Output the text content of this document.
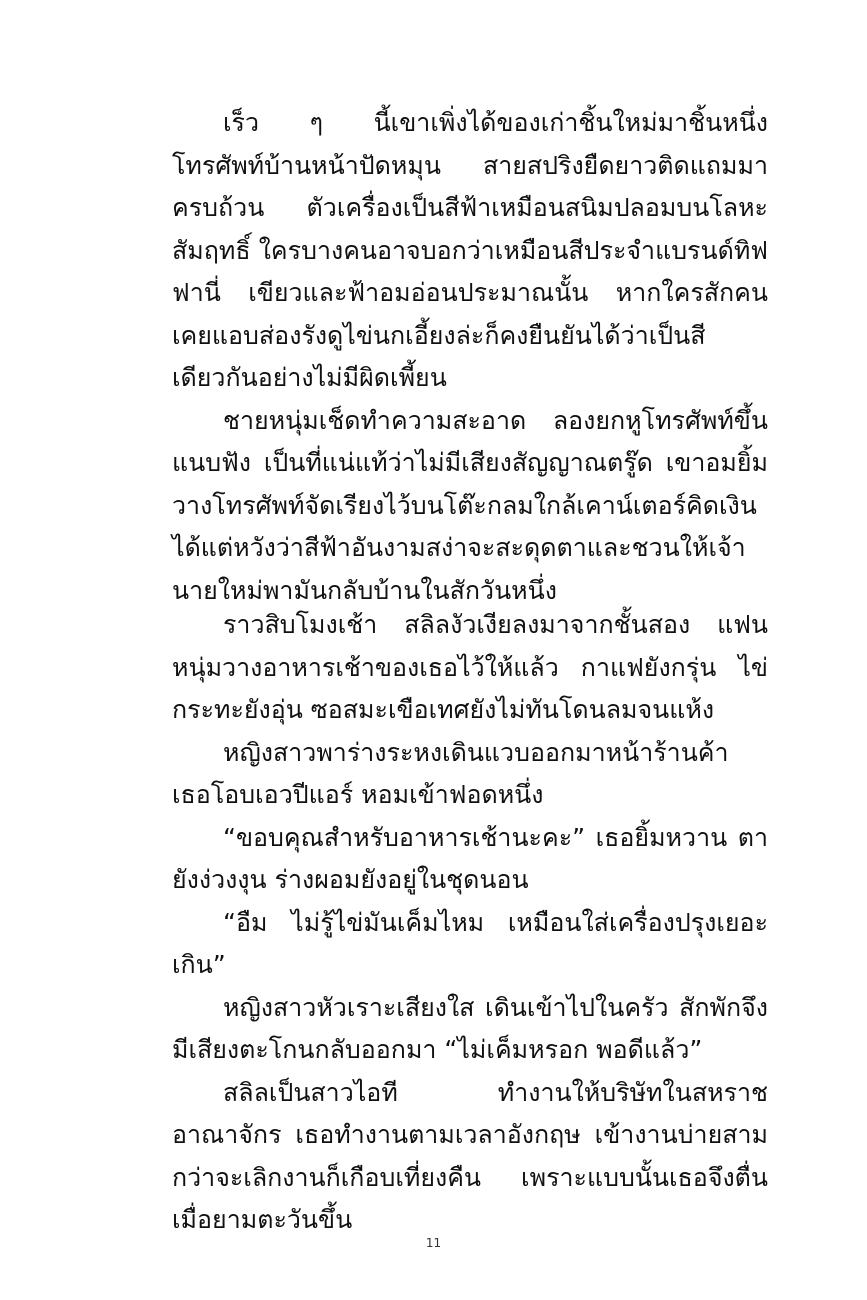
เร็ว ๆ นี้เขาเพิ่งได้ของเก่าชิ้นใหม่มาชิ้นหนึ่ง โทรศัพท์บ้านหน้าปัดหมุน สายสปริงยืดยาวติดแถมมาครบถ้วน ตัวเครื่องเป็นสีฟ้าเหมือนสนิมปลอมบนโลหะสัมฤทธิ์ ใครบางคนอาจบอกว่าเหมือนสีประจำแบรนด์ทิฟฟานี่ เขียวและฟ้าอมอ่อนประมาณนั้น หากใครสักคนเคยแอบส่องรังดูไข่นกเอี้ยงล่ะก็คงยืนยันได้ว่าเป็นสีเดียวกันอย่างไม่มีผิดเพี้ยน

ชายหนุ่มเช็ดทำความสะอาด ลองยกหูโทรศัพท์ขึ้นแนบฟัง เป็นที่แน่แท้ว่าไม่มีเสียงสัญญาณตรู๊ด เขาอมยิ้ม วางโทรศัพท์จัดเรียงไว้บนโต๊ะกลมใกล้เคาน์เตอร์คิดเงิน ได้แต่หวังว่าสีฟ้าอันงามสง่าจะสะดุดตาและชวนให้เจ้านายใหม่พามันกลับบ้านในสักวันหนึ่ง

ราวสิบโมงเช้า สลิลงัวเงียลงมาจากชั้นสอง แฟนหนุ่มวางอาหารเช้าของเธอไว้ให้แล้ว กาแฟยังกรุ่น ไข่กระทะยังอุ่น ซอสมะเขือเทศยังไม่ทันโดนลมจนแห้ง

หญิงสาวพาร่างระหงเดินแวบออกมาหน้าร้านค้า เธอโอบเอวปีแอร์ หอมเข้าฟอดหนึ่ง

“ขอบคุณสำหรับอาหารเช้านะคะ” เธอยิ้มหวาน ตายังง่วงงุน ร่างผอมยังอยู่ในชุดนอน

“อืม ไม่รู้ไข่มันเค็มไหม เหมือนใส่เครื่องปรุงเยอะเกิน”

หญิงสาวหัวเราะเสียงใส เดินเข้าไปในครัว สักพักจึงมีเสียงตะโกนกลับออกมา “ไม่เค็มหรอก พอดีแล้ว”

สลิลเป็นสาวไอที ทำงานให้บริษัทในสหราชอาณาจักร เธอทำงานตามเวลาอังกฤษ เข้างานบ่ายสาม กว่าจะเลิกงานก็เกือบเที่ยงคืน เพราะแบบนั้นเธอจึงตื่นเมื่อยามตะวันขึ้น

11
